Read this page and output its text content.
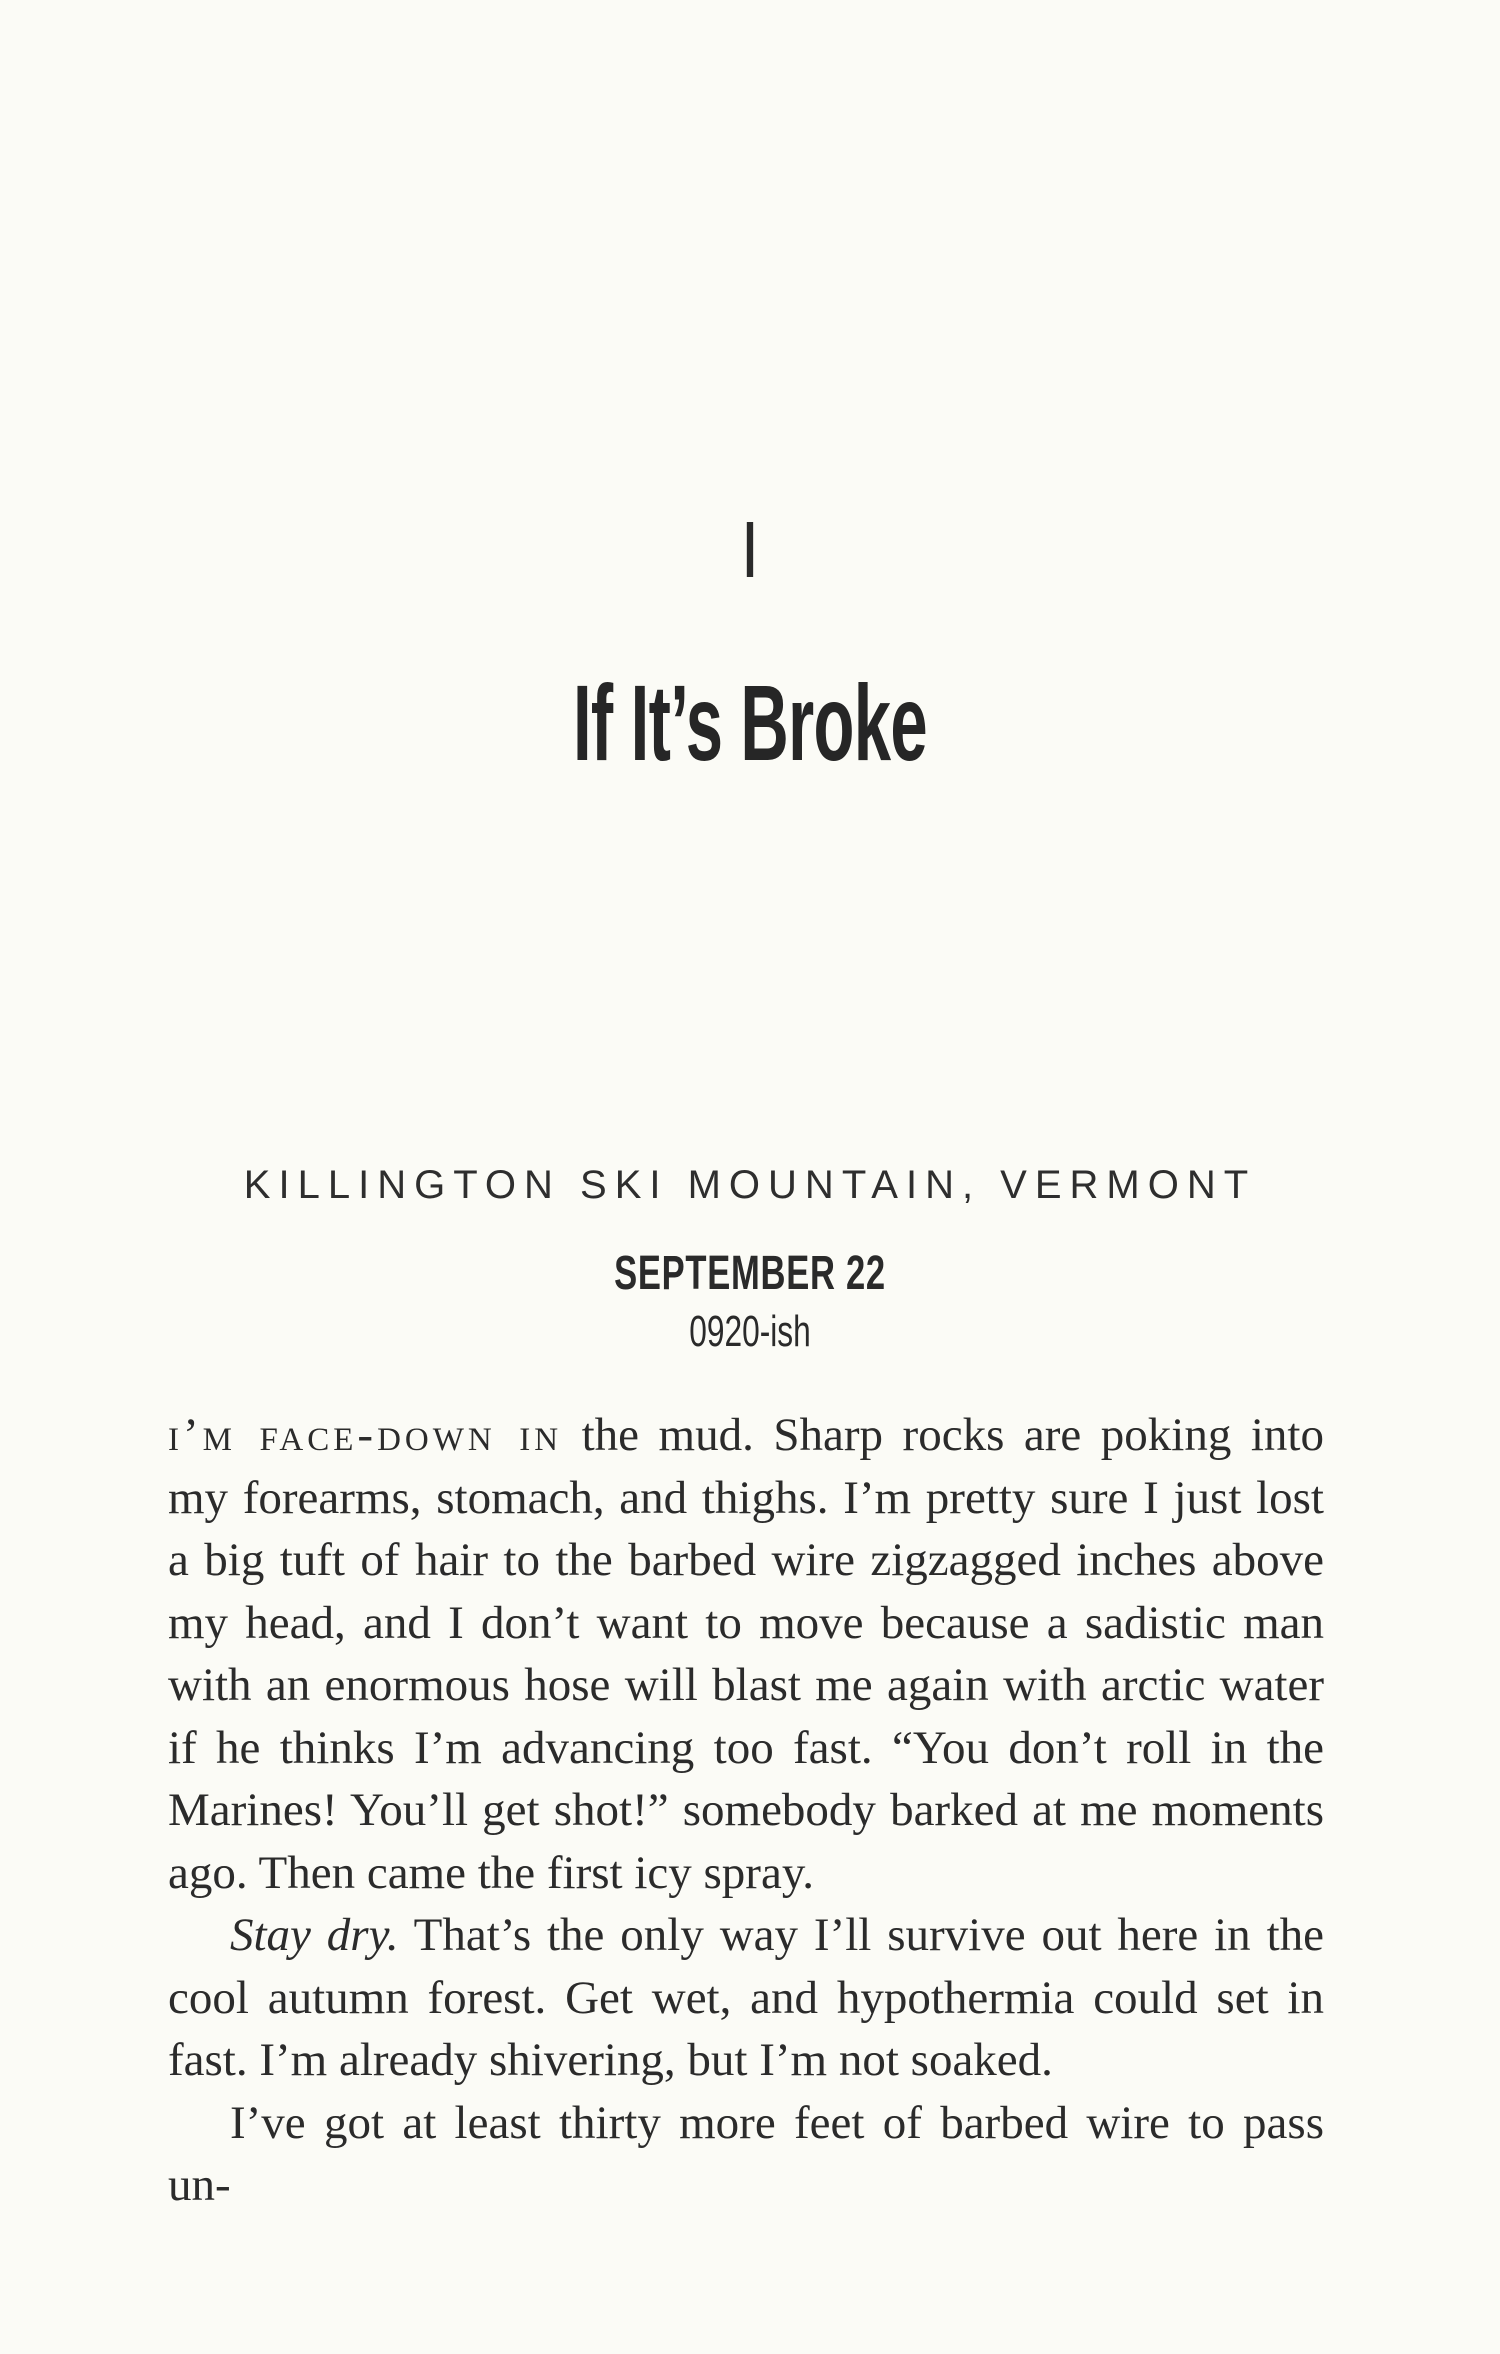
I
If It’s Broke
KILLINGTON SKI MOUNTAIN, VERMONT
SEPTEMBER 22
0920-ish

i’m face-down in the mud. Sharp rocks are poking into my forearms, stomach, and thighs. I’m pretty sure I just lost a big tuft of hair to the barbed wire zigzagged inches above my head, and I don’t want to move because a sadistic man with an enormous hose will blast me again with arctic water if he thinks I’m advancing too fast. “You don’t roll in the Marines! You’ll get shot!” somebody barked at me moments ago. Then came the first icy spray.

Stay dry. That’s the only way I’ll survive out here in the cool autumn forest. Get wet, and hypothermia could set in fast. I’m already shivering, but I’m not soaked.

I’ve got at least thirty more feet of barbed wire to pass un-
